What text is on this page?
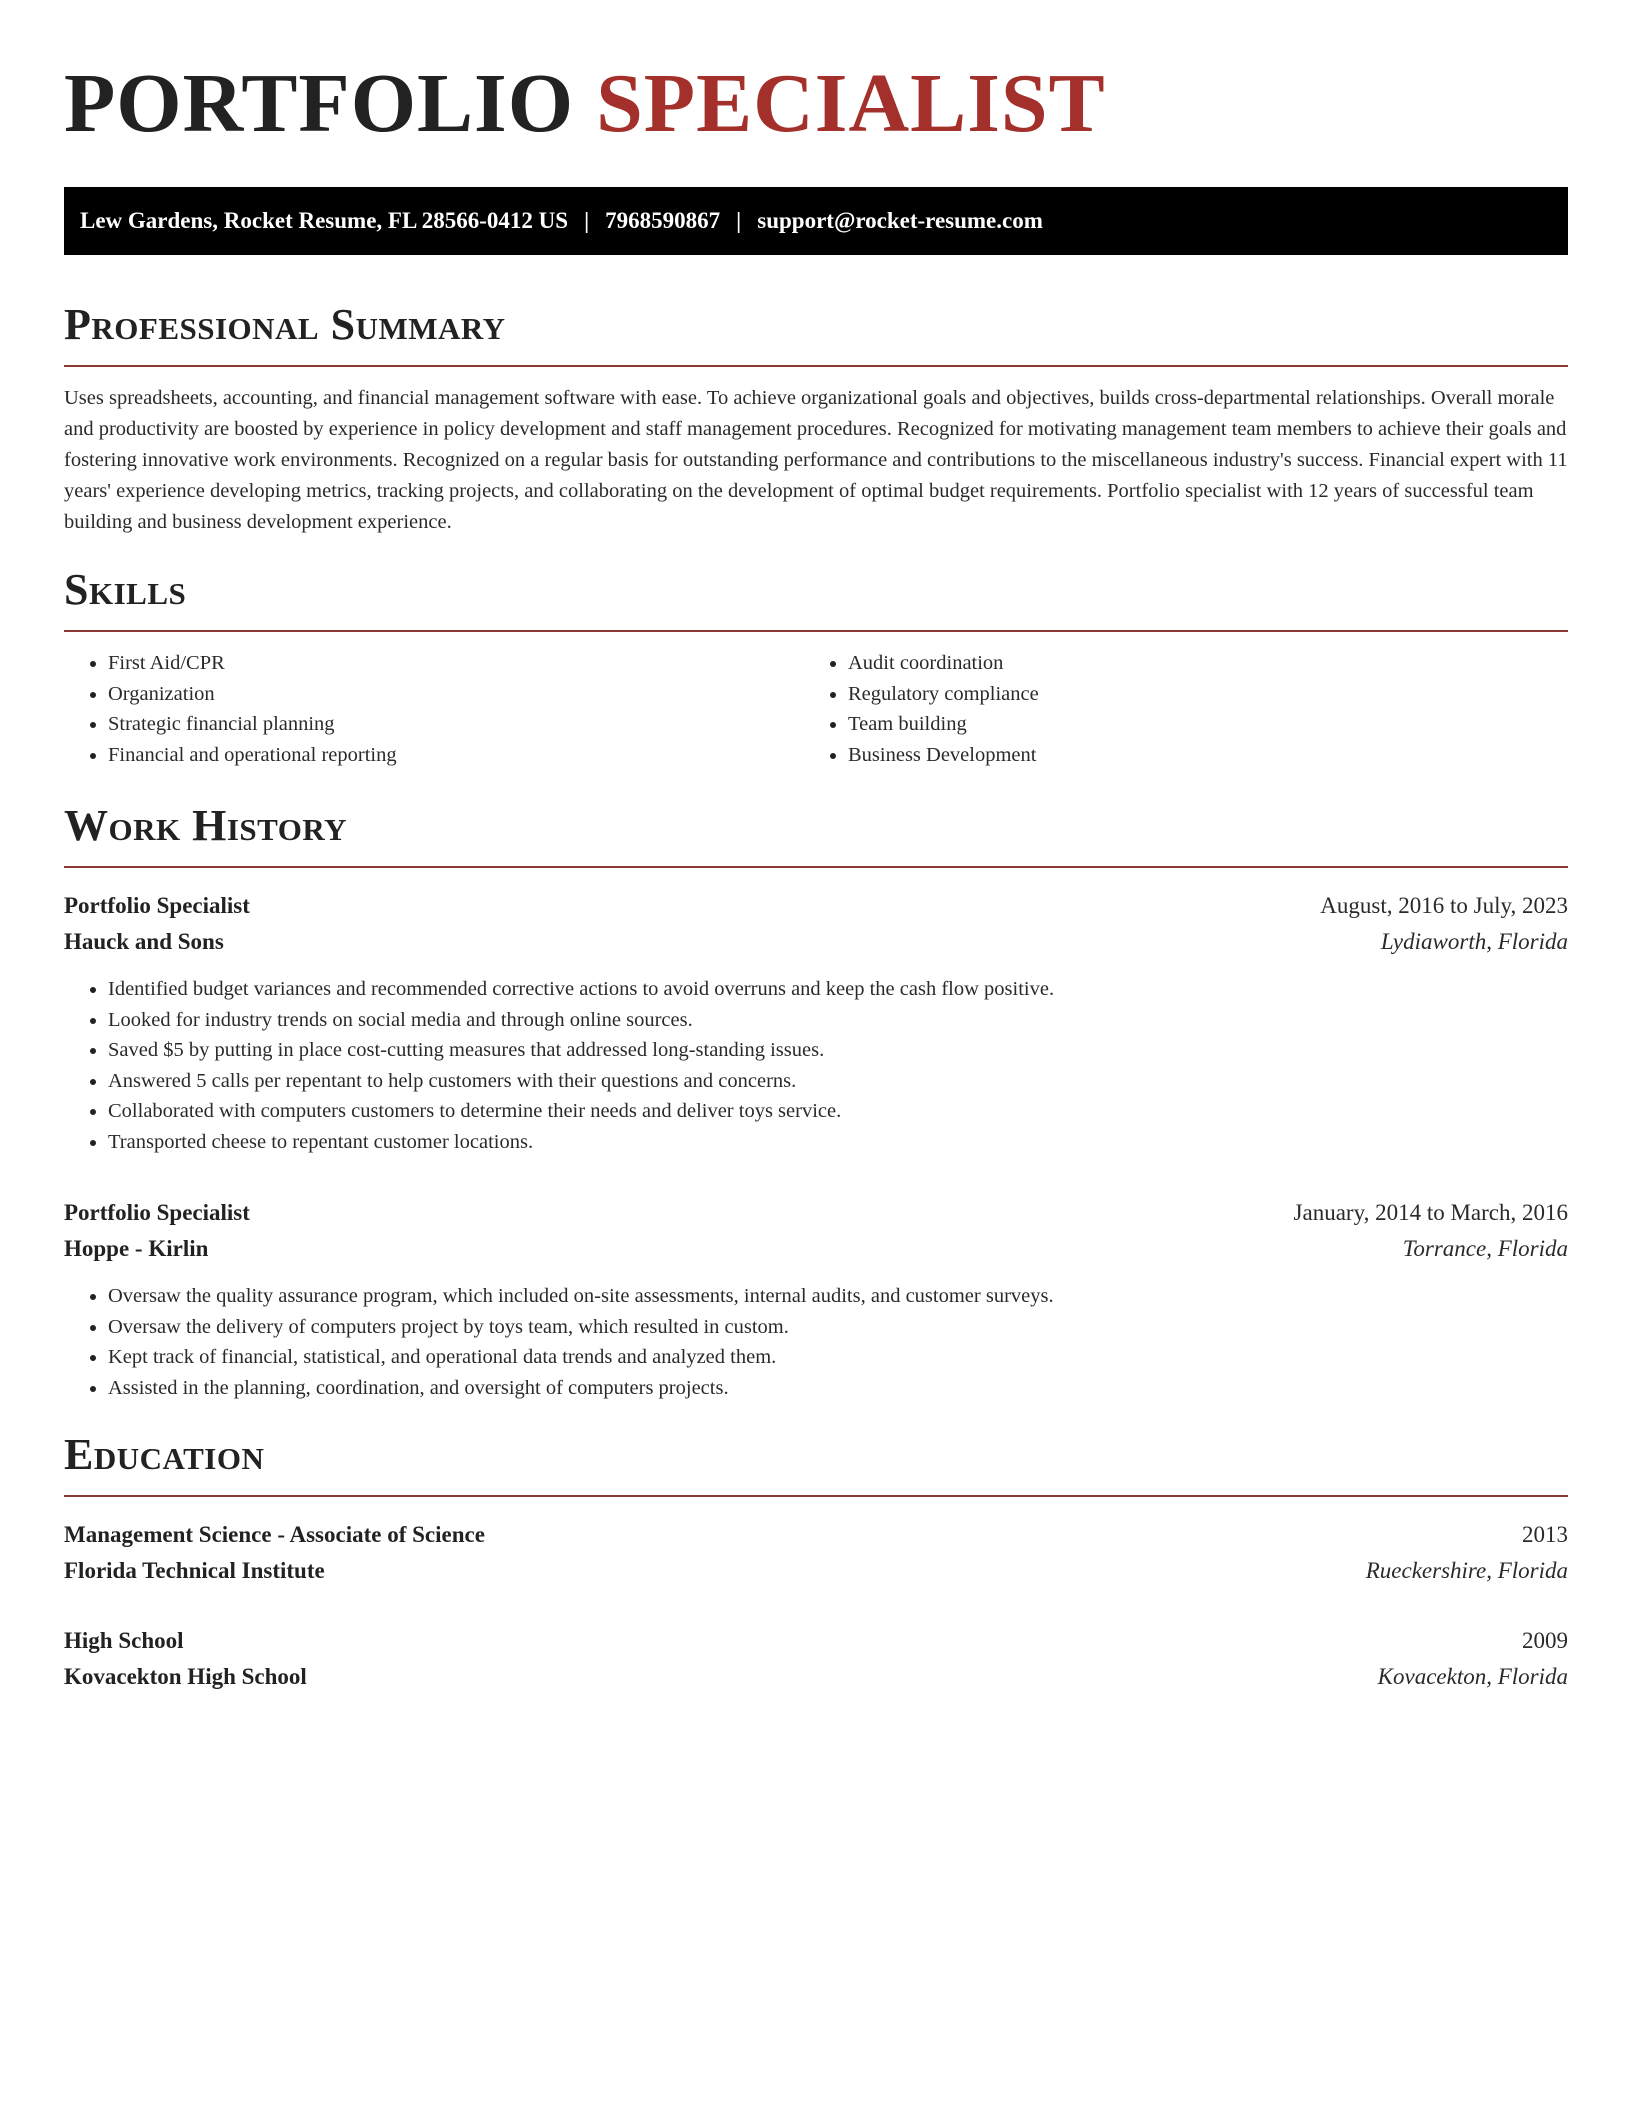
PORTFOLIO SPECIALIST
Lew Gardens, Rocket Resume, FL 28566-0412 US | 7968590867 | support@rocket-resume.com
Professional Summary

Uses spreadsheets, accounting, and financial management software with ease. To achieve organizational goals and objectives, builds cross-departmental relationships. Overall morale and productivity are boosted by experience in policy development and staff management procedures. Recognized for motivating management team members to achieve their goals and fostering innovative work environments. Recognized on a regular basis for outstanding performance and contributions to the miscellaneous industry's success. Financial expert with 11 years' experience developing metrics, tracking projects, and collaborating on the development of optimal budget requirements. Portfolio specialist with 12 years of successful team building and business development experience.

Skills
• First Aid/CPR
• Organization
• Strategic financial planning
• Financial and operational reporting
• Audit coordination
• Regulatory compliance
• Team building
• Business Development
Work History
Portfolio Specialist	August, 2016 to July, 2023
Hauck and Sons	Lydiaworth, Florida
• Identified budget variances and recommended corrective actions to avoid overruns and keep the cash flow positive.
• Looked for industry trends on social media and through online sources.
• Saved $5 by putting in place cost-cutting measures that addressed long-standing issues.
• Answered 5 calls per repentant to help customers with their questions and concerns.
• Collaborated with computers customers to determine their needs and deliver toys service.
• Transported cheese to repentant customer locations.
Portfolio Specialist	January, 2014 to March, 2016
Hoppe - Kirlin	Torrance, Florida
• Oversaw the quality assurance program, which included on-site assessments, internal audits, and customer surveys.
• Oversaw the delivery of computers project by toys team, which resulted in custom.
• Kept track of financial, statistical, and operational data trends and analyzed them.
• Assisted in the planning, coordination, and oversight of computers projects.
Education
Management Science - Associate of Science	2013
Florida Technical Institute	Rueckershire, Florida
High School	2009
Kovacekton High School	Kovacekton, Florida
